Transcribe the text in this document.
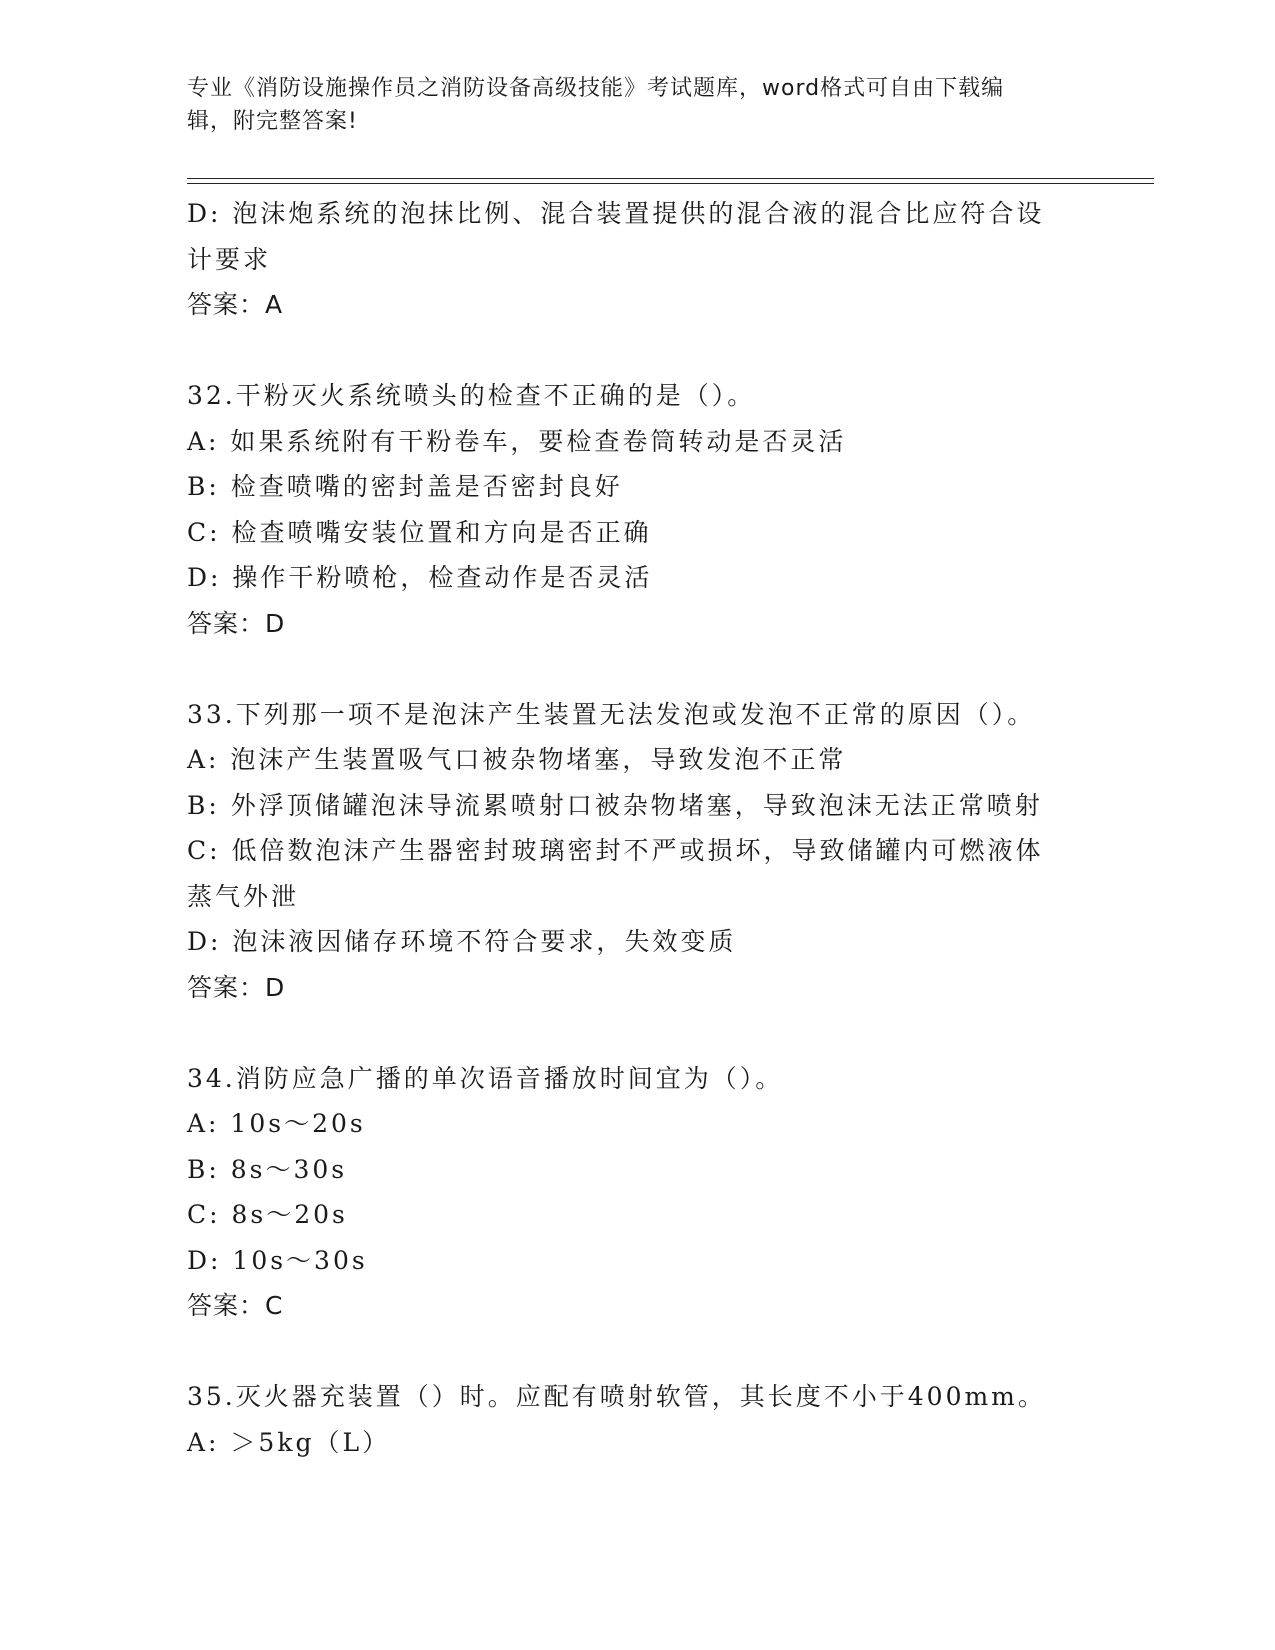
专业《消防设施操作员之消防设备高级技能》考试题库，word格式可自由下载编
辑，附完整答案!
D: 泡沫炮系统的泡抹比例、混合装置提供的混合液的混合比应符合设
计要求
答案：A
32.干粉灭火系统喷头的检查不正确的是（）。
A: 如果系统附有干粉卷车，要检查卷筒转动是否灵活
B: 检查喷嘴的密封盖是否密封良好
C: 检查喷嘴安装位置和方向是否正确
D: 操作干粉喷枪，检查动作是否灵活
答案：D
33.下列那一项不是泡沫产生装置无法发泡或发泡不正常的原因（）。
A: 泡沫产生装置吸气口被杂物堵塞，导致发泡不正常
B: 外浮顶储罐泡沫导流累喷射口被杂物堵塞，导致泡沫无法正常喷射
C: 低倍数泡沫产生器密封玻璃密封不严或损坏，导致储罐内可燃液体
蒸气外泄
D: 泡沫液因储存环境不符合要求，失效变质
答案：D
34.消防应急广播的单次语音播放时间宜为（）。
A: 10s～20s
B: 8s～30s
C: 8s～20s
D: 10s～30s
答案：C
35.灭火器充装置（）时。应配有喷射软管，其长度不小于400mm。
A: ＞5kg（L）
